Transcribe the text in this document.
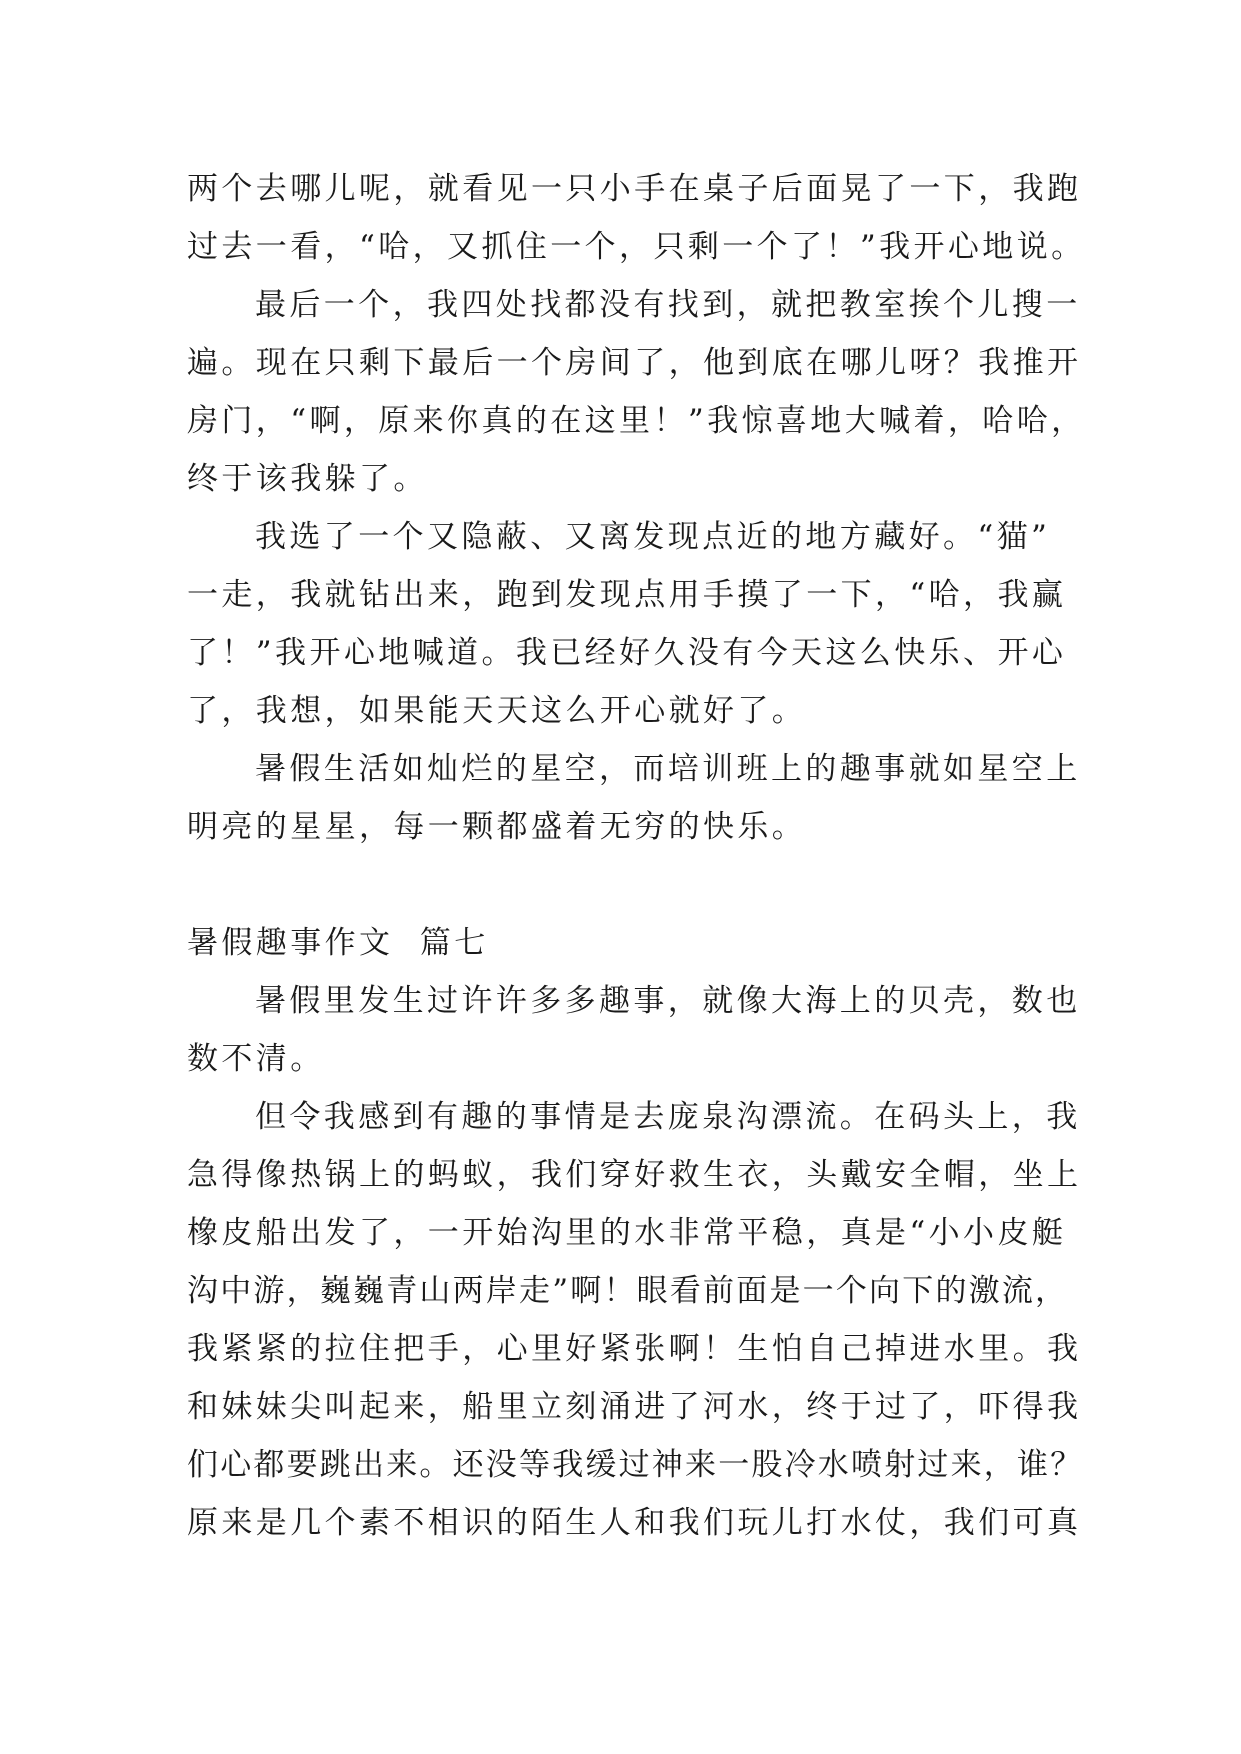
两个去哪儿呢，就看见一只小手在桌子后面晃了一下，我跑
过去一看，“哈，又抓住一个，只剩一个了！”我开心地说。
最后一个，我四处找都没有找到，就把教室挨个儿搜一
遍。现在只剩下最后一个房间了，他到底在哪儿呀？我推开
房门，“啊，原来你真的在这里！”我惊喜地大喊着，哈哈，
终于该我躲了。
我选了一个又隐蔽、又离发现点近的地方藏好。“猫”
一走，我就钻出来，跑到发现点用手摸了一下，“哈，我赢
了！”我开心地喊道。我已经好久没有今天这么快乐、开心
了，我想，如果能天天这么开心就好了。
暑假生活如灿烂的星空，而培训班上的趣事就如星空上
明亮的星星，每一颗都盛着无穷的快乐。
暑假趣事作文  篇七
暑假里发生过许许多多趣事，就像大海上的贝壳，数也
数不清。
但令我感到有趣的事情是去庞泉沟漂流。在码头上，我
急得像热锅上的蚂蚁，我们穿好救生衣，头戴安全帽，坐上
橡皮船出发了，一开始沟里的水非常平稳，真是“小小皮艇
沟中游，巍巍青山两岸走”啊！眼看前面是一个向下的激流，
我紧紧的拉住把手，心里好紧张啊！生怕自己掉进水里。我
和妹妹尖叫起来，船里立刻涌进了河水，终于过了，吓得我
们心都要跳出来。还没等我缓过神来一股冷水喷射过来，谁？
原来是几个素不相识的陌生人和我们玩儿打水仗，我们可真
